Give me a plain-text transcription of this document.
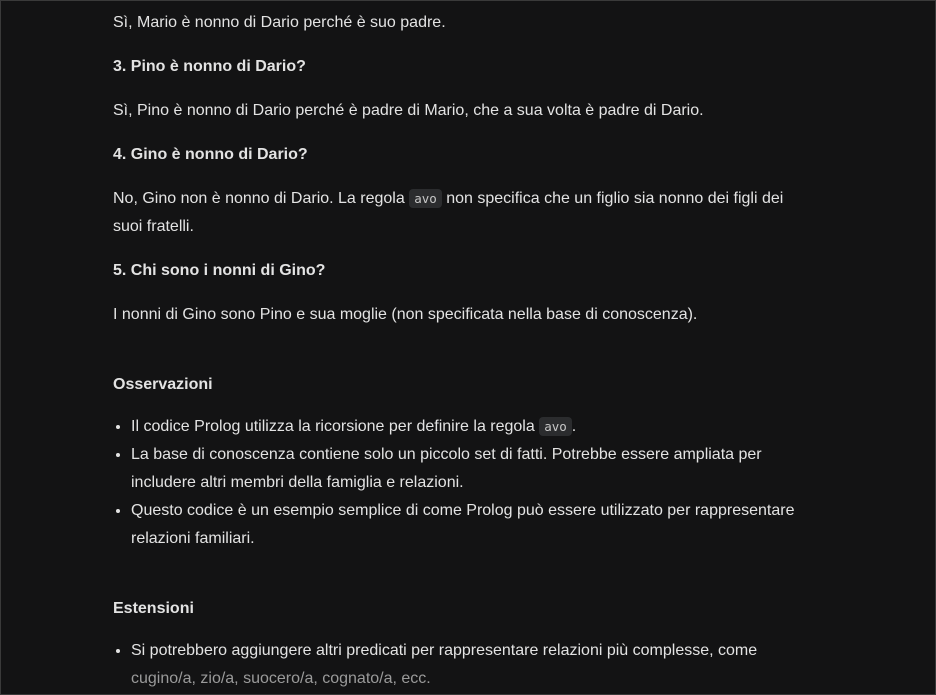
Sì, Mario è nonno di Dario perché è suo padre.

3. Pino è nonno di Dario?

Sì, Pino è nonno di Dario perché è padre di Mario, che a sua volta è padre di Dario.

4. Gino è nonno di Dario?

No, Gino non è nonno di Dario. La regola avo non specifica che un figlio sia nonno dei figli dei suoi fratelli.

5. Chi sono i nonni di Gino?

I nonni di Gino sono Pino e sua moglie (non specificata nella base di conoscenza).

Osservazioni
• Il codice Prolog utilizza la ricorsione per definire la regola avo .
• La base di conoscenza contiene solo un piccolo set di fatti. Potrebbe essere ampliata per includere altri membri della famiglia e relazioni.
• Questo codice è un esempio semplice di come Prolog può essere utilizzato per rappresentare relazioni familiari.
Estensioni
• Si potrebbero aggiungere altri predicati per rappresentare relazioni più complesse, come cugino/a, zio/a, suocero/a, cognato/a, ecc.
